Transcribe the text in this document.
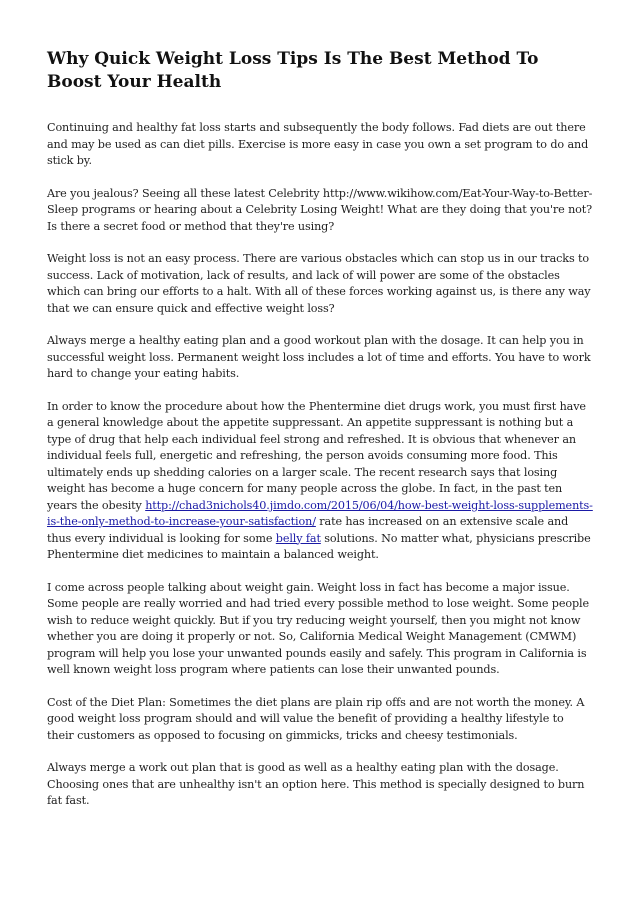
Why Quick Weight Loss Tips Is The Best Method To Boost Your Health

Continuing and healthy fat loss starts and subsequently the body follows. Fad diets are out there and may be used as can diet pills. Exercise is more easy in case you own a set program to do and stick by.

Are you jealous? Seeing all these latest Celebrity http://www.wikihow.com/Eat-Your-Way-to-Better-Sleep programs or hearing about a Celebrity Losing Weight! What are they doing that you're not? Is there a secret food or method that they're using?

Weight loss is not an easy process. There are various obstacles which can stop us in our tracks to success. Lack of motivation, lack of results, and lack of will power are some of the obstacles which can bring our efforts to a halt. With all of these forces working against us, is there any way that we can ensure quick and effective weight loss?

Always merge a healthy eating plan and a good workout plan with the dosage. It can help you in successful weight loss. Permanent weight loss includes a lot of time and efforts. You have to work hard to change your eating habits.

In order to know the procedure about how the Phentermine diet drugs work, you must first have a general knowledge about the appetite suppressant. An appetite suppressant is nothing but a type of drug that help each individual feel strong and refreshed. It is obvious that whenever an individual feels full, energetic and refreshing, the person avoids consuming more food. This ultimately ends up shedding calories on a larger scale. The recent research says that losing weight has become a huge concern for many people across the globe. In fact, in the past ten years the obesity http://chad3nichols40.jimdo.com/2015/06/04/how-best-weight-loss-supplements-is-the-only-method-to-increase-your-satisfaction/ rate has increased on an extensive scale and thus every individual is looking for some belly fat solutions. No matter what, physicians prescribe Phentermine diet medicines to maintain a balanced weight.

I come across people talking about weight gain. Weight loss in fact has become a major issue. Some people are really worried and had tried every possible method to lose weight. Some people wish to reduce weight quickly. But if you try reducing weight yourself, then you might not know whether you are doing it properly or not. So, California Medical Weight Management (CMWM) program will help you lose your unwanted pounds easily and safely. This program in California is well known weight loss program where patients can lose their unwanted pounds.

Cost of the Diet Plan: Sometimes the diet plans are plain rip offs and are not worth the money. A good weight loss program should and will value the benefit of providing a healthy lifestyle to their customers as opposed to focusing on gimmicks, tricks and cheesy testimonials.

Always merge a work out plan that is good as well as a healthy eating plan with the dosage. Choosing ones that are unhealthy isn't an option here. This method is specially designed to burn fat fast.
